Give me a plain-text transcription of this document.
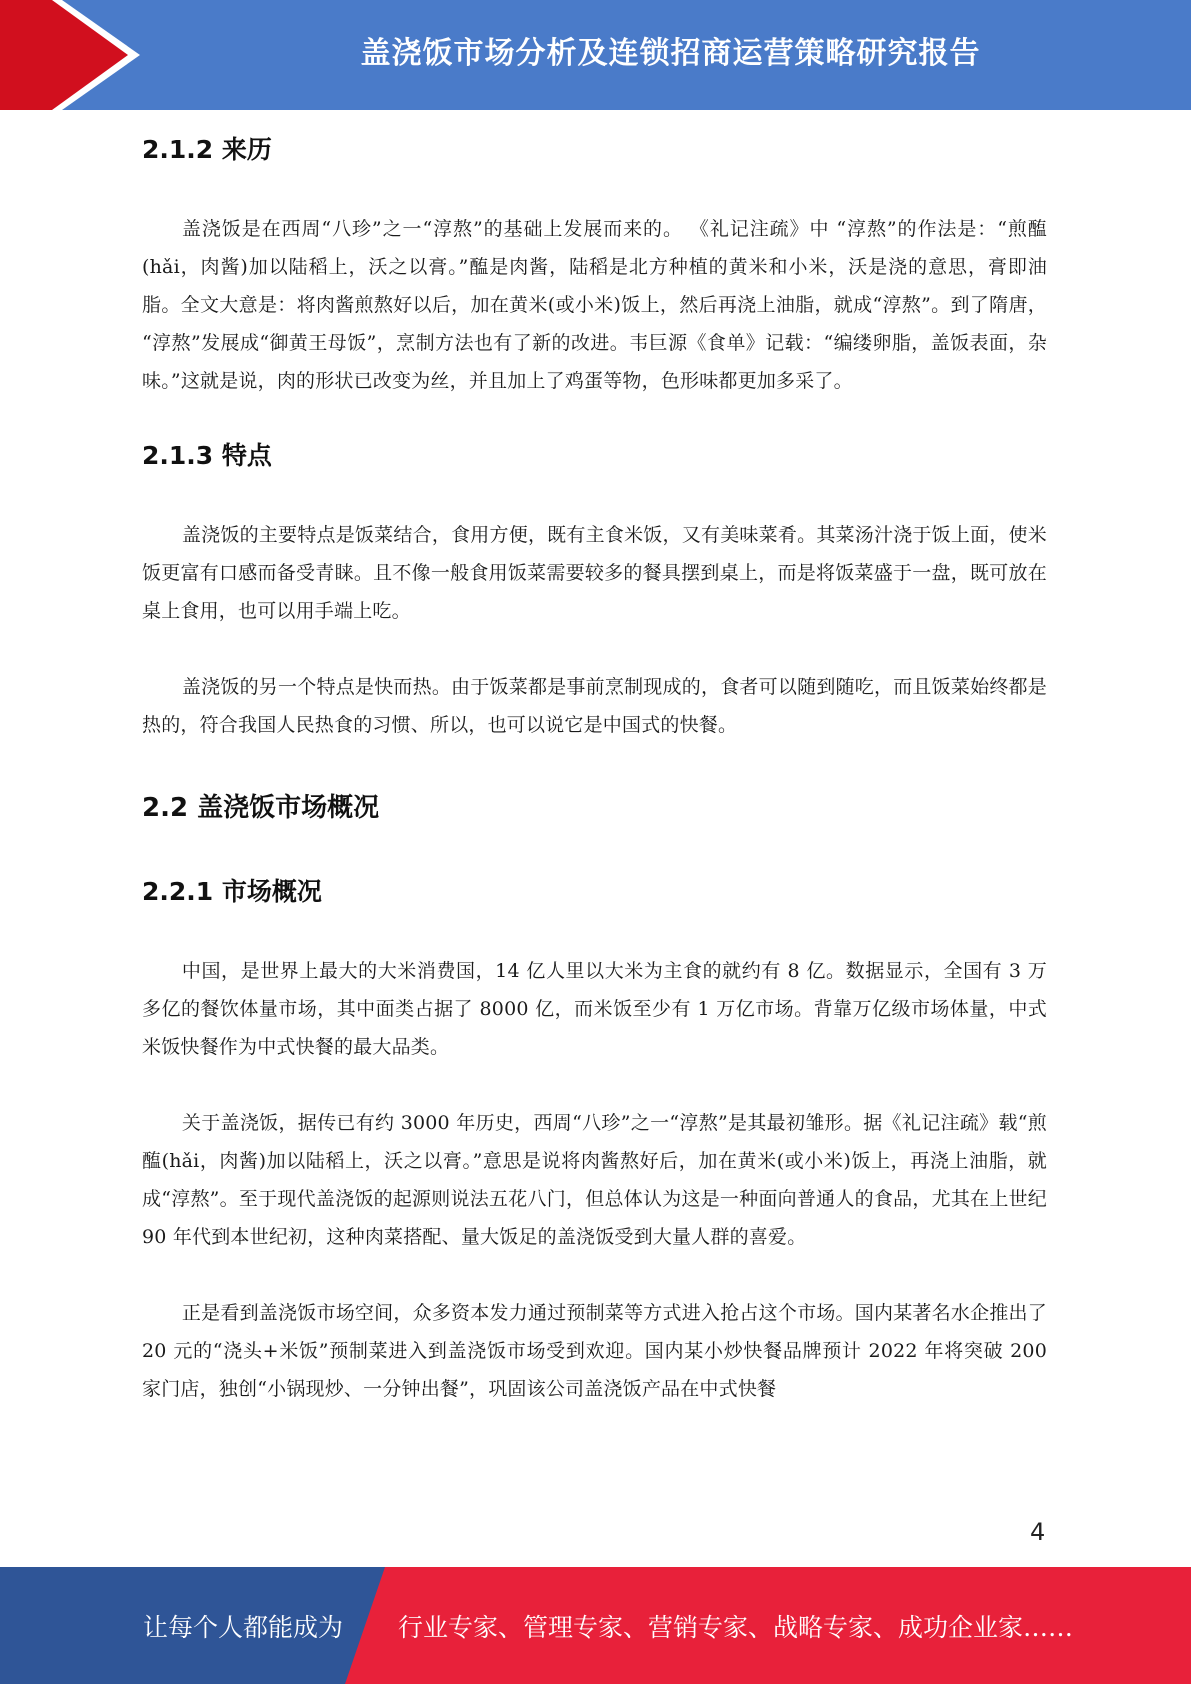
盖浇饭市场分析及连锁招商运营策略研究报告
2.1.2 来历

盖浇饭是在西周“八珍”之一“淳熬”的基础上发展而来的。 《礼记注疏》中 “淳熬”的作法是：“煎醢(hǎi，肉酱)加以陆稻上，沃之以膏。”醢是肉酱，陆稻是北方种植的黄米和小米，沃是浇的意思，膏即油脂。全文大意是：将肉酱煎熬好以后，加在黄米(或小米)饭上，然后再浇上油脂，就成“淳熬”。到了隋唐， “淳熬”发展成“御黄王母饭”，烹制方法也有了新的改进。韦巨源《食单》记载：“编缕卵脂，盖饭表面，杂味。”这就是说，肉的形状已改变为丝，并且加上了鸡蛋等物，色形味都更加多采了。

2.1.3 特点

盖浇饭的主要特点是饭菜结合，食用方便，既有主食米饭，又有美味菜肴。其菜汤汁浇于饭上面，使米饭更富有口感而备受青睐。且不像一般食用饭菜需要较多的餐具摆到桌上，而是将饭菜盛于一盘，既可放在桌上食用，也可以用手端上吃。

盖浇饭的另一个特点是快而热。由于饭菜都是事前烹制现成的，食者可以随到随吃，而且饭菜始终都是热的，符合我国人民热食的习惯、所以，也可以说它是中国式的快餐。

2.2 盖浇饭市场概况
2.2.1 市场概况

中国，是世界上最大的大米消费国，14 亿人里以大米为主食的就约有 8 亿。数据显示，全国有 3 万多亿的餐饮体量市场，其中面类占据了 8000 亿，而米饭至少有 1 万亿市场。背靠万亿级市场体量，中式米饭快餐作为中式快餐的最大品类。

关于盖浇饭，据传已有约 3000 年历史，西周“八珍”之一“淳熬”是其最初雏形。据《礼记注疏》载“煎醢(hǎi，肉酱)加以陆稻上，沃之以膏。”意思是说将肉酱熬好后，加在黄米(或小米)饭上，再浇上油脂，就成“淳熬”。至于现代盖浇饭的起源则说法五花八门，但总体认为这是一种面向普通人的食品，尤其在上世纪 90 年代到本世纪初，这种肉菜搭配、量大饭足的盖浇饭受到大量人群的喜爱。

正是看到盖浇饭市场空间，众多资本发力通过预制菜等方式进入抢占这个市场。国内某著名水企推出了 20 元的“浇头+米饭”预制菜进入到盖浇饭市场受到欢迎。国内某小炒快餐品牌预计 2022 年将突破 200 家门店，独创“小锅现炒、一分钟出餐”，巩固该公司盖浇饭产品在中式快餐

4
让每个人都能成为 行业专家、管理专家、营销专家、战略专家、成功企业家……
